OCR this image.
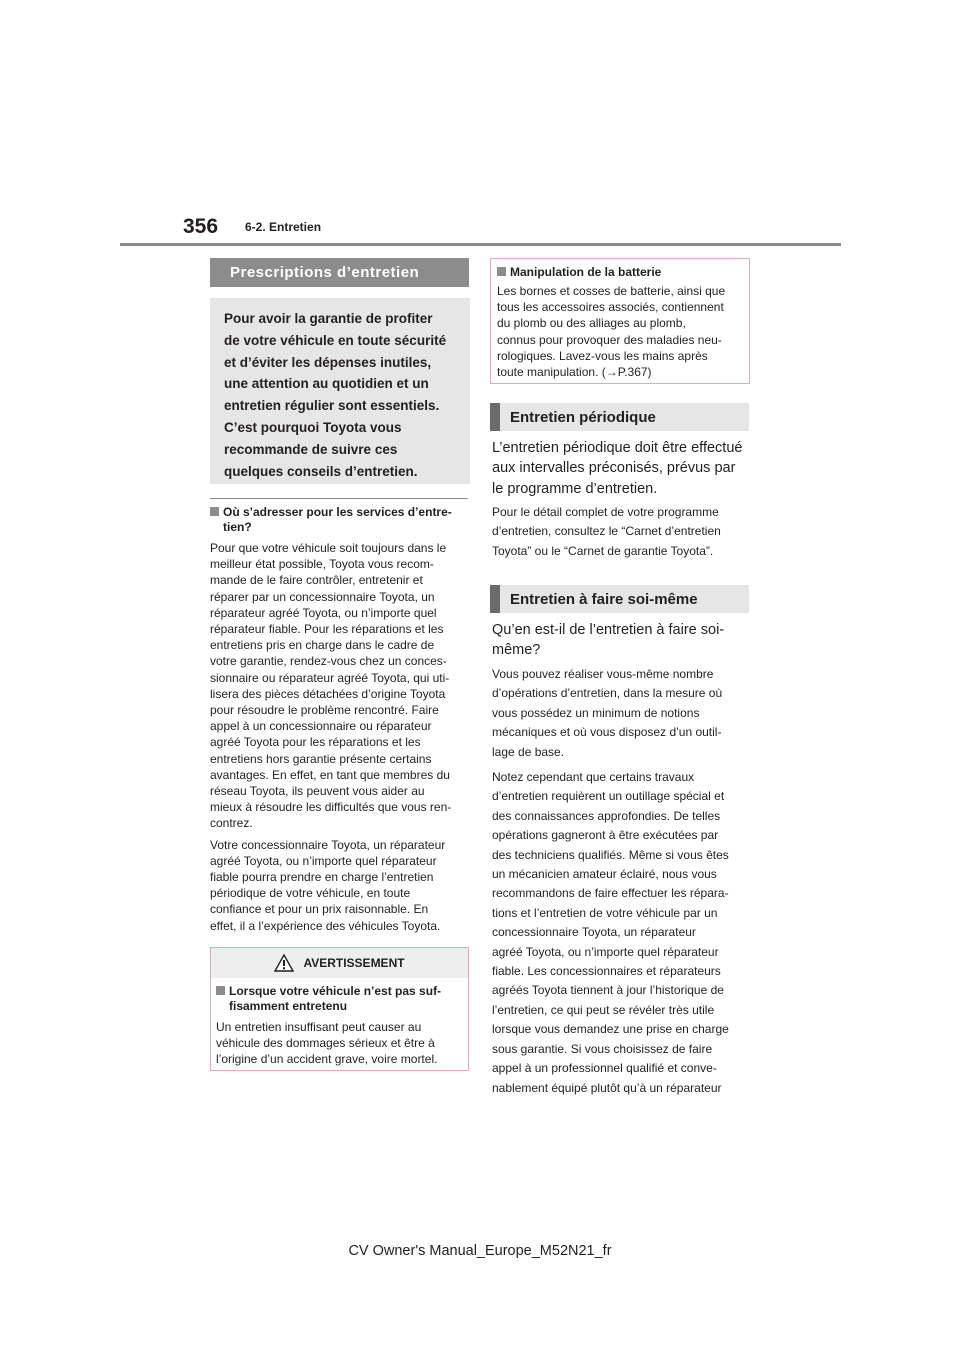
356 6-2. Entretien
Prescriptions d’entretien

Pour avoir la garantie de profiter

de votre véhicule en toute sécurité

et d’éviter les dépenses inutiles,

une attention au quotidien et un

entretien régulier sont essentiels.

C’est pourquoi Toyota vous

recommande de suivre ces

quelques conseils d’entretien.

Où s’adresser pour les services d’entre-
tien?
Pour que votre véhicule soit toujours dans le
meilleur état possible, Toyota vous recom-
mande de le faire contrôler, entretenir et
réparer par un concessionnaire Toyota, un
réparateur agréé Toyota, ou n’importe quel
réparateur fiable. Pour les réparations et les
entretiens pris en charge dans le cadre de
votre garantie, rendez-vous chez un conces-
sionnaire ou réparateur agréé Toyota, qui uti-
lisera des pièces détachées d’origine Toyota
pour résoudre le problème rencontré. Faire
appel à un concessionnaire ou réparateur
agréé Toyota pour les réparations et les
entretiens hors garantie présente certains
avantages. En effet, en tant que membres du
réseau Toyota, ils peuvent vous aider au
mieux à résoudre les difficultés que vous ren-
contrez.
Votre concessionnaire Toyota, un réparateur
agréé Toyota, ou n’importe quel réparateur
fiable pourra prendre en charge l’entretien
périodique de votre véhicule, en toute
confiance et pour un prix raisonnable. En
effet, il a l’expérience des véhicules Toyota.
AVERTISSEMENT
Lorsque votre véhicule n’est pas suf-
fisamment entretenu
Un entretien insuffisant peut causer au
véhicule des dommages sérieux et être à
l’origine d’un accident grave, voire mortel.
Manipulation de la batterie
Les bornes et cosses de batterie, ainsi que
tous les accessoires associés, contiennent
du plomb ou des alliages au plomb,
connus pour provoquer des maladies neu-
rologiques. Lavez-vous les mains après
toute manipulation. (→P.367)
Entretien périodique
L’entretien périodique doit être effectué
aux intervalles préconisés, prévus par
le programme d’entretien.
Pour le détail complet de votre programme
d’entretien, consultez le “Carnet d’entretien
Toyota” ou le “Carnet de garantie Toyota”.
Entretien à faire soi-même
Qu’en est-il de l’entretien à faire soi-
même?
Vous pouvez réaliser vous-même nombre
d’opérations d’entretien, dans la mesure où
vous possédez un minimum de notions
mécaniques et où vous disposez d’un outil-
lage de base.
Notez cependant que certains travaux
d’entretien requièrent un outillage spécial et
des connaissances approfondies. De telles
opérations gagneront à être exécutées par
des techniciens qualifiés. Même si vous êtes
un mécanicien amateur éclairé, nous vous
recommandons de faire effectuer les répara-
tions et l’entretien de votre véhicule par un
concessionnaire Toyota, un réparateur
agréé Toyota, ou n’importe quel réparateur
fiable. Les concessionnaires et réparateurs
agréés Toyota tiennent à jour l’historique de
l’entretien, ce qui peut se révéler très utile
lorsque vous demandez une prise en charge
sous garantie. Si vous choisissez de faire
appel à un professionnel qualifié et conve-
nablement équipé plutôt qu’à un réparateur
CV Owner's Manual_Europe_M52N21_fr
